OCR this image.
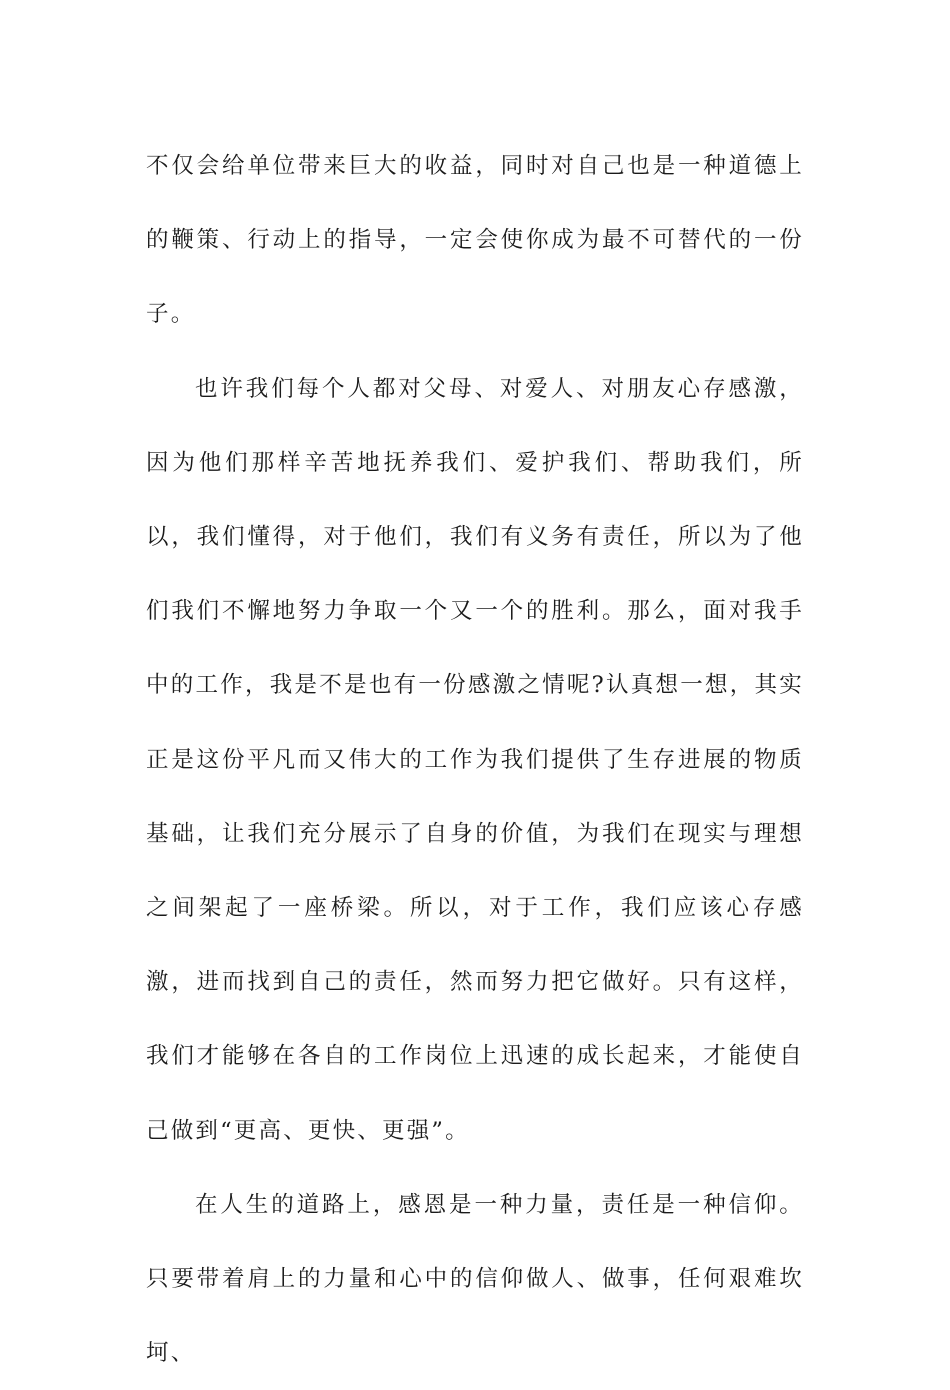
不仅会给单位带来巨大的收益，同时对自己也是一种道德上的鞭策、行动上的指导，一定会使你成为最不可替代的一份子。

也许我们每个人都对父母、对爱人、对朋友心存感激，因为他们那样辛苦地抚养我们、爱护我们、帮助我们，所以，我们懂得，对于他们，我们有义务有责任，所以为了他们我们不懈地努力争取一个又一个的胜利。那么，面对我手中的工作，我是不是也有一份感激之情呢?认真想一想，其实正是这份平凡而又伟大的工作为我们提供了生存进展的物质基础，让我们充分展示了自身的价值，为我们在现实与理想之间架起了一座桥梁。所以，对于工作，我们应该心存感激，进而找到自己的责任，然而努力把它做好。只有这样，我们才能够在各自的工作岗位上迅速的成长起来，才能使自己做到“更高、更快、更强”。

在人生的道路上，感恩是一种力量，责任是一种信仰。只要带着肩上的力量和心中的信仰做人、做事，任何艰难坎坷、
